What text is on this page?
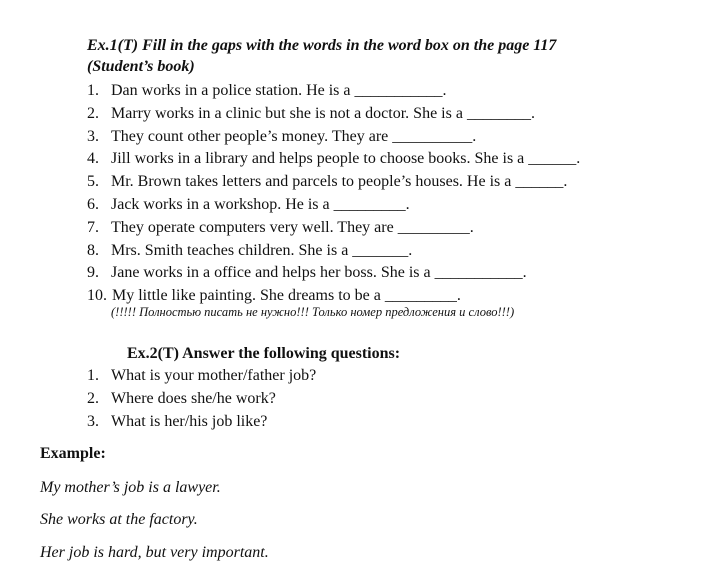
Ex.1(T) Fill in the gaps with the words in the word box on the page 117
(Student’s book)
1. Dan works in a police station. He is a ___________.
2. Marry works in a clinic but she is not a doctor. She is a ________.
3. They count other people’s money. They are __________.
4. Jill works in a library and helps people to choose books. She is a ______.
5. Mr. Brown takes letters and parcels to people’s houses. He is a ______.
6. Jack works in a workshop. He is a _________.
7. They operate computers very well. They are _________.
8. Mrs. Smith teaches children. She is a _______.
9. Jane works in a office and helps her boss. She is a ___________.
10. My little like painting. She dreams to be a _________.

(!!!!! Полностью писать не нужно!!! Только номер предложения и слово!!!)

Ex.2(T) Answer the following questions:

1. What is your mother/father job?
2. Where does she/he work?
3. What is her/his job like?

Example:

My mother’s job is a lawyer.

She works at the factory.

Her job is hard, but very important.
